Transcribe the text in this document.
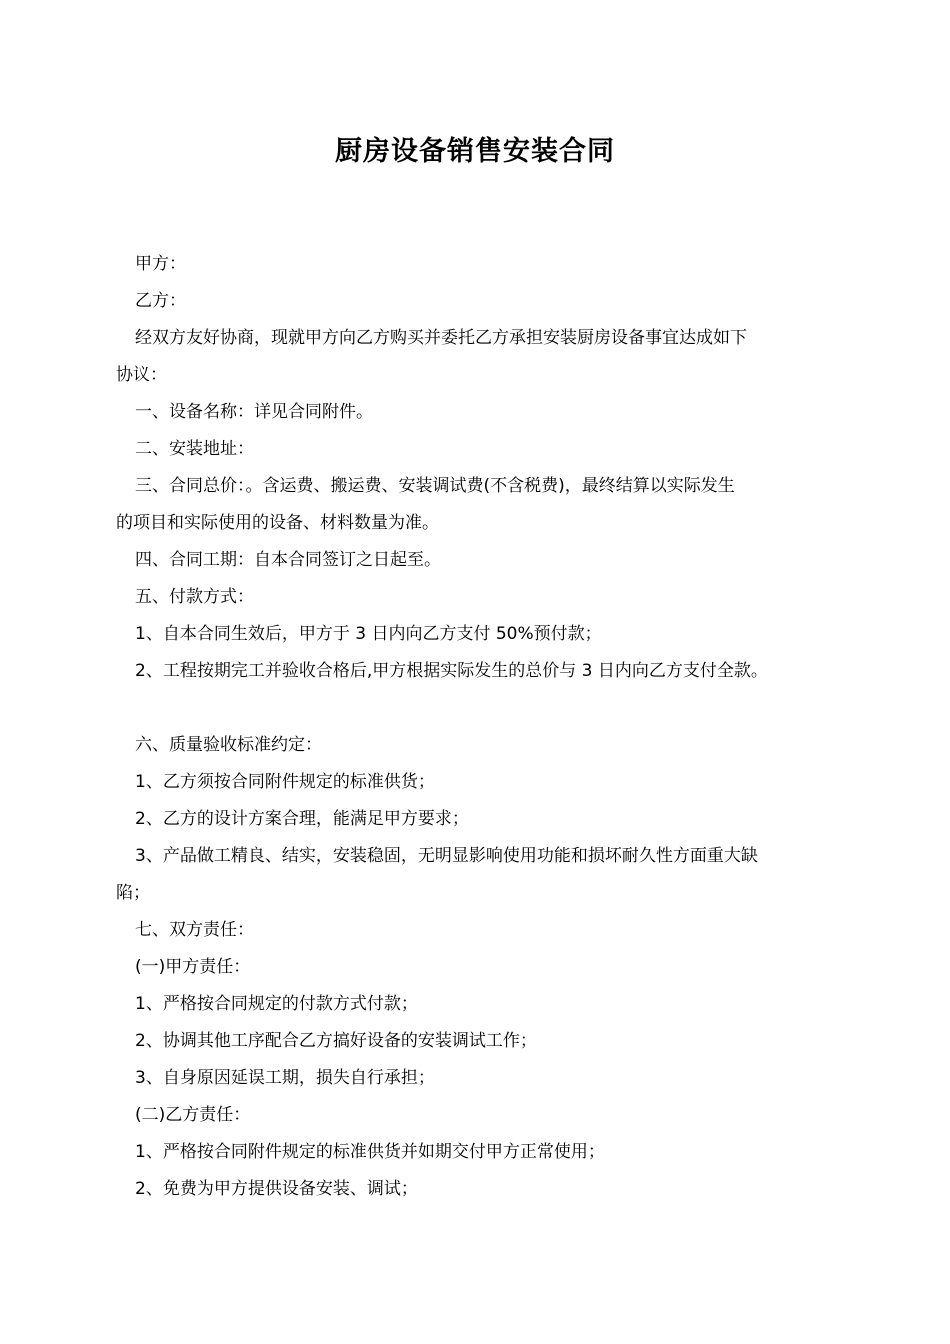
厨房设备销售安装合同
甲方：
乙方：
经双方友好协商，现就甲方向乙方购买并委托乙方承担安装厨房设备事宜达成如下
协议：
一、设备名称：详见合同附件。
二、安装地址：
三、合同总价：。含运费、搬运费、安装调试费(不含税费)，最终结算以实际发生
的项目和实际使用的设备、材料数量为准。
四、合同工期：自本合同签订之日起至。
五、付款方式：
1、自本合同生效后，甲方于 3 日内向乙方支付 50%预付款；
2、工程按期完工并验收合格后,甲方根据实际发生的总价与 3 日内向乙方支付全款。
六、质量验收标准约定：
1、乙方须按合同附件规定的标准供货；
2、乙方的设计方案合理，能满足甲方要求；
3、产品做工精良、结实，安装稳固，无明显影响使用功能和损坏耐久性方面重大缺
陷；
七、双方责任：
(一)甲方责任：
1、严格按合同规定的付款方式付款；
2、协调其他工序配合乙方搞好设备的安装调试工作；
3、自身原因延误工期，损失自行承担；
(二)乙方责任：
1、严格按合同附件规定的标准供货并如期交付甲方正常使用；
2、免费为甲方提供设备安装、调试；
